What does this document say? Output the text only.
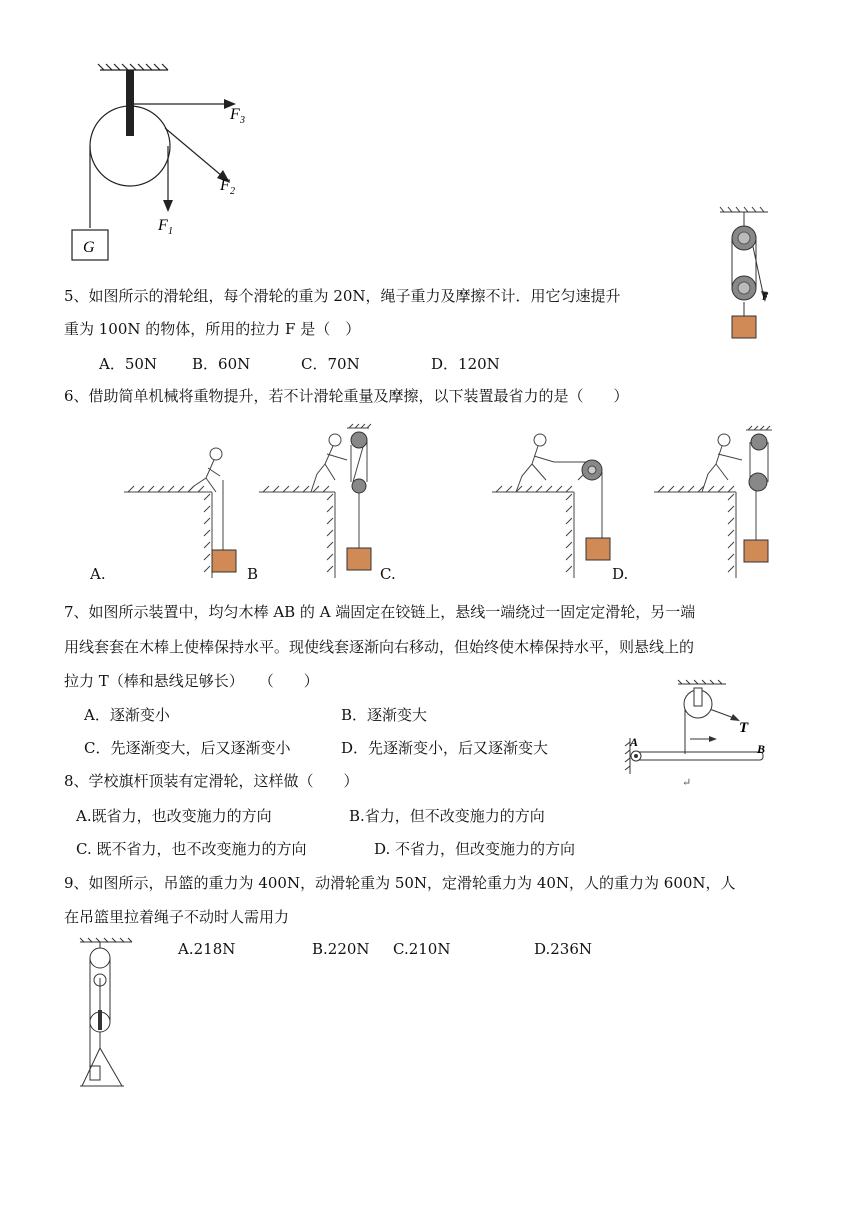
F 3
F 2
F 1
G
F
5、如图所示的滑轮组，每个滑轮的重为 20N，绳子重力及摩擦不计．用它匀速提升
重为 100N 的物体，所用的拉力 F 是（　）
A．50N B．60N	C．70N	D．120N
6、借助简单机械将重物提升，若不计滑轮重量及摩擦，以下装置最省力的是（　　）
A.	B	C.	D.
7、如图所示装置中，均匀木棒 AB 的 A 端固定在铰链上，悬线一端绕过一固定定滑轮，另一端
用线套套在木棒上使棒保持水平。现使线套逐渐向右移动，但始终使木棒保持水平，则悬线上的
拉力 T（棒和悬线足够长）　　（　　）
A．逐渐变小	B．逐渐变大
C．先逐渐变大，后又逐渐变小	D．先逐渐变小，后又逐渐变大
T
A	B
↵
8、学校旗杆顶装有定滑轮，这样做（　　）
A.既省力，也改变施力的方向	B.省力，但不改变施力的方向
C. 既不省力，也不改变施力的方向	D. 不省力，但改变施力的方向
9、如图所示，吊篮的重力为 400N，动滑轮重为 50N，定滑轮重力为 40N，人的重力为 600N，人
在吊篮里拉着绳子不动时人需用力
A.218N	B.220N C.210N	D.236N
